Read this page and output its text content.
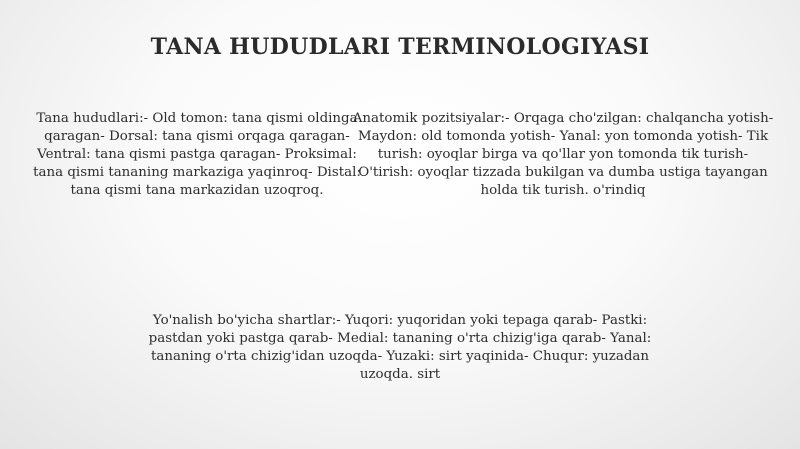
TANA HUDUDLARI TERMINOLOGIYASI
Tana hududlari:- Old tomon: tana qismi oldinga qaragan- Dorsal: tana qismi orqaga qaragan- Ventral: tana qismi pastga qaragan- Proksimal: tana qismi tananing markaziga yaqinroq- Distal: tana qismi tana markazidan uzoqroq.
Anatomik pozitsiyalar:- Orqaga cho'zilgan: chalqancha yotish- Maydon: old tomonda yotish- Yanal: yon tomonda yotish- Tik turish: oyoqlar birga va qo'llar yon tomonda tik turish- O'tirish: oyoqlar tizzada bukilgan va dumba ustiga tayangan holda tik turish. o'rindiq
Yo'nalish bo'yicha shartlar:- Yuqori: yuqoridan yoki tepaga qarab- Pastki: pastdan yoki pastga qarab- Medial: tananing o'rta chizig'iga qarab- Yanal: tananing o'rta chizig'idan uzoqda- Yuzaki: sirt yaqinida- Chuqur: yuzadan uzoqda. sirt
